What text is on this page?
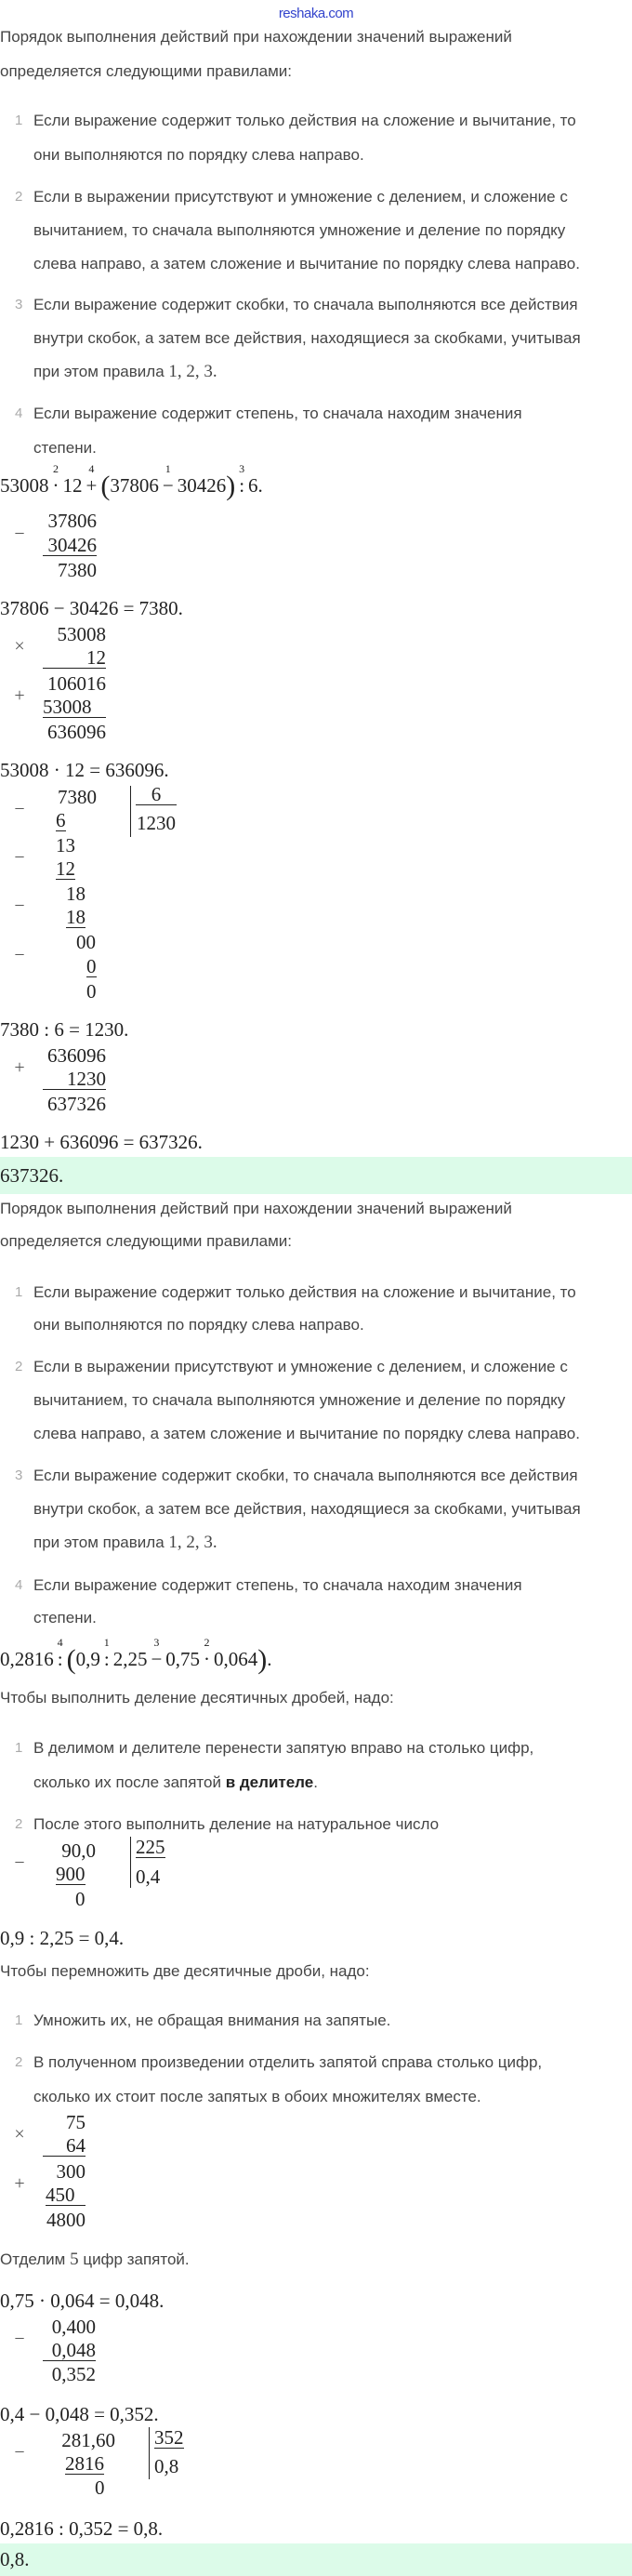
reshaka.com
Порядок выполнения действий при нахождении значений выражений
определяется следующими правилами:
1 Если выражение содержит только действия на сложение и вычитание, то
они выполняются по порядку слева направо.
2 Если в выражении присутствуют и умножение с делением, и сложение с
вычитанием, то сначала выполняются умножение и деление по порядку
слева направо, а затем сложение и вычитание по порядку слева направо.
3 Если выражение содержит скобки, то сначала выполняются все действия
внутри скобок, а затем все действия, находящиеся за скобками, учитывая
при этом правила 1, 2, 3.
4 Если выражение содержит степень, то сначала находим значения
степени.
53008 ·
2
12 +
4
(37806 −
1
30426) :
3
6.
−
37806
30426
7380
37806 − 30426 = 7380.
×
53008
12
106016
+ 53008
636096
53008 · 12 = 636096.
−
−
−
−
7380
6
13
12
18
18
00
0
0
6
1230
7380 : 6 = 1230.
+
636096
1230
637326
1230 + 636096 = 637326.
637326.
Порядок выполнения действий при нахождении значений выражений
определяется следующими правилами:
1 Если выражение содержит только действия на сложение и вычитание, то
они выполняются по порядку слева направо.
2 Если в выражении присутствуют и умножение с делением, и сложение с
вычитанием, то сначала выполняются умножение и деление по порядку
слева направо, а затем сложение и вычитание по порядку слева направо.
3 Если выражение содержит скобки, то сначала выполняются все действия
внутри скобок, а затем все действия, находящиеся за скобками, учитывая
при этом правила 1, 2, 3.
4 Если выражение содержит степень, то сначала находим значения
степени.
0,2816 :
4
(0,9 :
1
2,25 −
3
0,75 ·
2
0,064).
Чтобы выполнить деление десятичных дробей, надо:
1 В делимом и делителе перенести запятую вправо на столько цифр,
сколько их после запятой в делителе.
2 После этого выполнить деление на натуральное число
−
90,0
900
0
225
0,4
0,9 : 2,25 = 0,4.
Чтобы перемножить две десятичные дроби, надо:
1 Умножить их, не обращая внимания на запятые.
2 В полученном произведении отделить запятой справа столько цифр,
сколько их стоит после запятых в обоих множителях вместе.
×
75
64
300
+ 450
4800
Отделим 5 цифр запятой.
0,75 · 0,064 = 0,048.
−
0,400
0,048
0,352
0,4 − 0,048 = 0,352.
−
281,60
2816
0
352
0,8
0,2816 : 0,352 = 0,8.
0,8.
